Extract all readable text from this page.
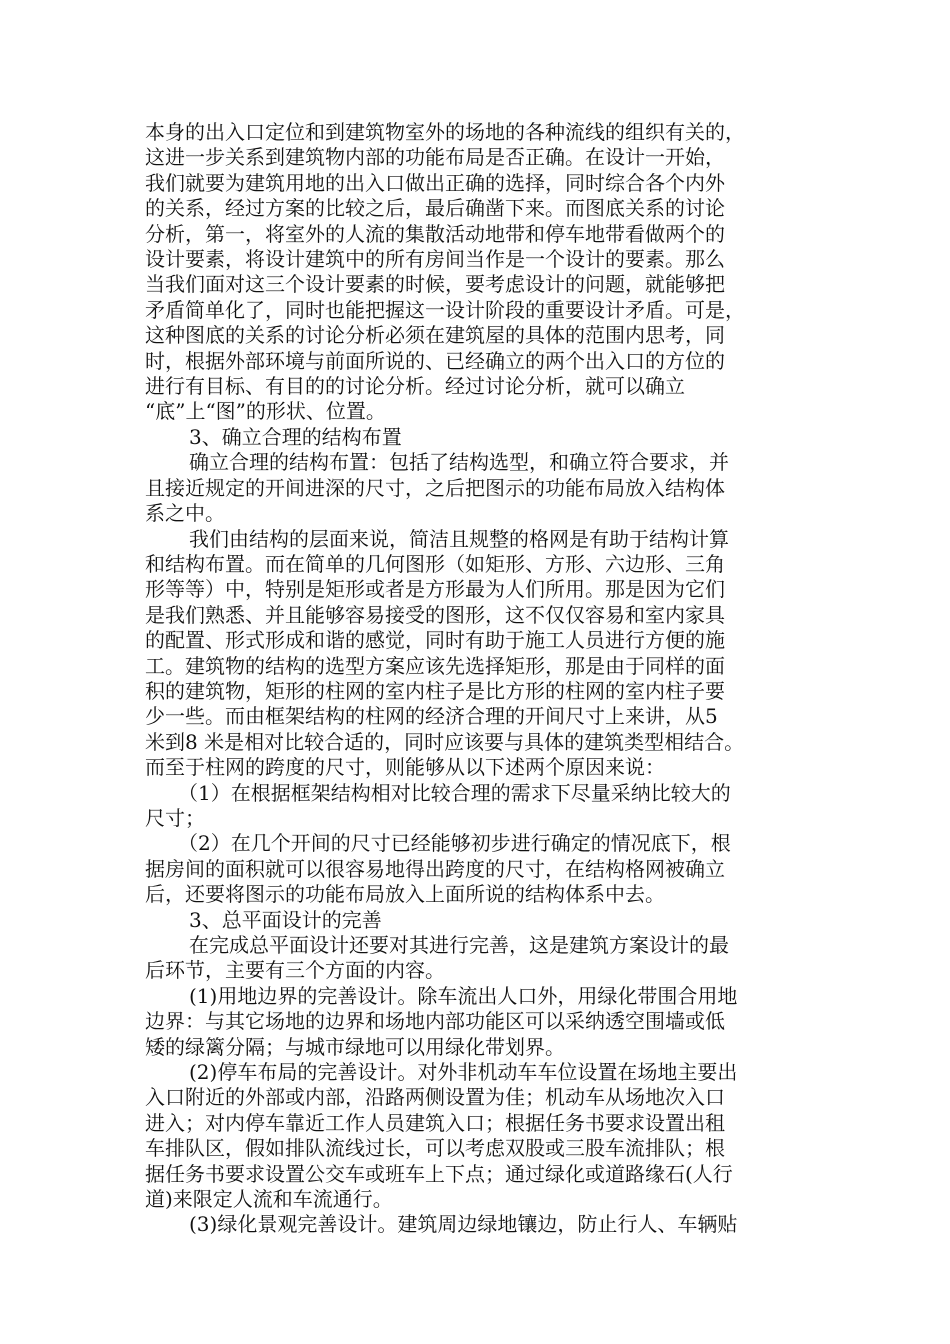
本身的出入口定位和到建筑物室外的场地的各种流线的组织有关的，
这进一步关系到建筑物内部的功能布局是否正确。在设计一开始，
我们就要为建筑用地的出入口做出正确的选择，同时综合各个内外
的关系，经过方案的比较之后，最后确凿下来。而图底关系的讨论
分析，第一，将室外的人流的集散活动地带和停车地带看做两个的
设计要素，将设计建筑中的所有房间当作是一个设计的要素。那么
当我们面对这三个设计要素的时候，要考虑设计的问题，就能够把
矛盾简单化了，同时也能把握这一设计阶段的重要设计矛盾。可是，
这种图底的关系的讨论分析必须在建筑屋的具体的范围内思考，同
时，根据外部环境与前面所说的、已经确立的两个出入口的方位的
进行有目标、有目的的讨论分析。经过讨论分析，就可以确立
“底”上“图”的形状、位置。
3、确立合理的结构布置
确立合理的结构布置：包括了结构选型，和确立符合要求，并
且接近规定的开间进深的尺寸，之后把图示的功能布局放入结构体
系之中。
我们由结构的层面来说，简洁且规整的格网是有助于结构计算
和结构布置。而在简单的几何图形（如矩形、方形、六边形、三角
形等等）中，特别是矩形或者是方形最为人们所用。那是因为它们
是我们熟悉、并且能够容易接受的图形，这不仅仅容易和室内家具
的配置、形式形成和谐的感觉，同时有助于施工人员进行方便的施
工。建筑物的结构的选型方案应该先选择矩形，那是由于同样的面
积的建筑物，矩形的柱网的室内柱子是比方形的柱网的室内柱子要
少一些。而由框架结构的柱网的经济合理的开间尺寸上来讲，从5
米到8 米是相对比较合适的，同时应该要与具体的建筑类型相结合。
而至于柱网的跨度的尺寸，则能够从以下述两个原因来说：
（1）在根据框架结构相对比较合理的需求下尽量采纳比较大的
尺寸；
（2）在几个开间的尺寸已经能够初步进行确定的情况底下，根
据房间的面积就可以很容易地得出跨度的尺寸，在结构格网被确立
后，还要将图示的功能布局放入上面所说的结构体系中去。
3、总平面设计的完善
在完成总平面设计还要对其进行完善，这是建筑方案设计的最
后环节，主要有三个方面的内容。
(1)用地边界的完善设计。除车流出人口外，用绿化带围合用地
边界：与其它场地的边界和场地内部功能区可以采纳透空围墙或低
矮的绿篱分隔；与城市绿地可以用绿化带划界。
(2)停车布局的完善设计。对外非机动车车位设置在场地主要出
入口附近的外部或内部，沿路两侧设置为佳；机动车从场地次入口
进入；对内停车靠近工作人员建筑入口；根据任务书要求设置出租
车排队区，假如排队流线过长，可以考虑双股或三股车流排队；根
据任务书要求设置公交车或班车上下点；通过绿化或道路缘石(人行
道)来限定人流和车流通行。
(3)绿化景观完善设计。建筑周边绿地镶边，防止行人、车辆贴
